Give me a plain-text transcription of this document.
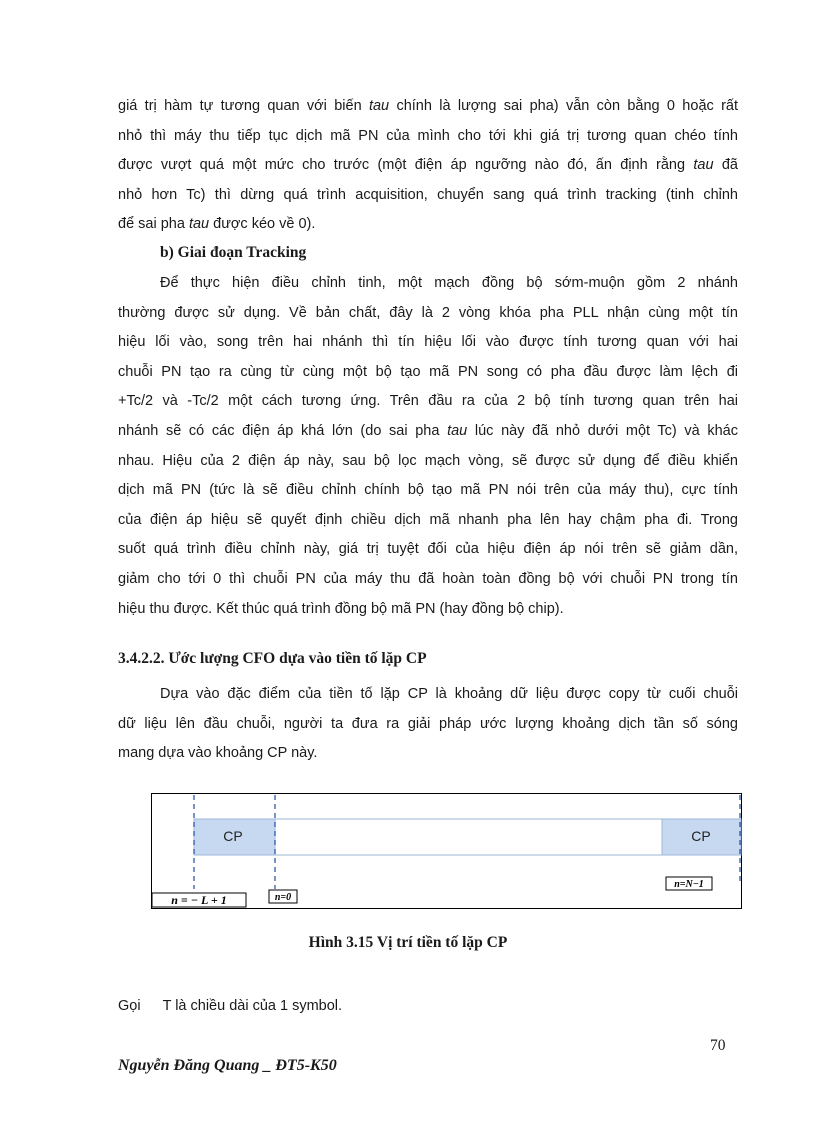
giá trị hàm tự tương quan với biến tau chính là lượng sai pha) vẫn còn bằng 0 hoặc rất
nhỏ thì máy thu tiếp tục dịch mã PN của mình cho tới khi giá trị tương quan chéo tính
được vượt quá một mức cho trước (một điện áp ngưỡng nào đó, ấn định rằng tau đã
nhỏ hơn Tc) thì dừng quá trình acquisition, chuyển sang quá trình tracking (tinh chỉnh
để sai pha tau được kéo về 0).

b) Giai đoạn Tracking

Để thực hiện điều chỉnh tinh, một mạch đồng bộ sớm-muộn gồm 2 nhánh
thường được sử dụng. Về bản chất, đây là 2 vòng khóa pha PLL nhận cùng một tín
hiệu lối vào, song trên hai nhánh thì tín hiệu lối vào được tính tương quan với hai
chuỗi PN tạo ra cùng từ cùng một bộ tạo mã PN song có pha đầu được làm lệch đi
+Tc/2 và -Tc/2 một cách tương ứng. Trên đầu ra của 2 bộ tính tương quan trên hai
nhánh sẽ có các điện áp khá lớn (do sai pha tau lúc này đã nhỏ dưới một Tc) và khác
nhau. Hiệu của 2 điện áp này, sau bộ lọc mạch vòng, sẽ được sử dụng để điều khiển
dịch mã PN (tức là sẽ điều chỉnh chính bộ tạo mã PN nói trên của máy thu), cực tính
của điện áp hiệu sẽ quyết định chiều dịch mã nhanh pha lên hay chậm pha đi. Trong
suốt quá trình điều chỉnh này, giá trị tuyệt đối của hiệu điện áp nói trên sẽ giảm dần,
giảm cho tới 0 thì chuỗi PN của máy thu đã hoàn toàn đồng bộ với chuỗi PN trong tín
hiệu thu được. Kết thúc quá trình đồng bộ mã PN (hay đồng bộ chip).

3.4.2.2. Ước lượng CFO dựa vào tiền tố lặp CP

Dựa vào đặc điểm của tiền tố lặp CP là khoảng dữ liệu được copy từ cuối chuỗi
dữ liệu lên đầu chuỗi, người ta đưa ra giải pháp ước lượng khoảng dịch tần số sóng
mang dựa vào khoảng CP này.
CP	CP
n = − L + 1	n=0
n=N−1

Hình 3.15 Vị trí tiền tố lặp CP

Gọi T là chiều dài của 1 symbol.

70
Nguyễn Đăng Quang _ ĐT5-K50
